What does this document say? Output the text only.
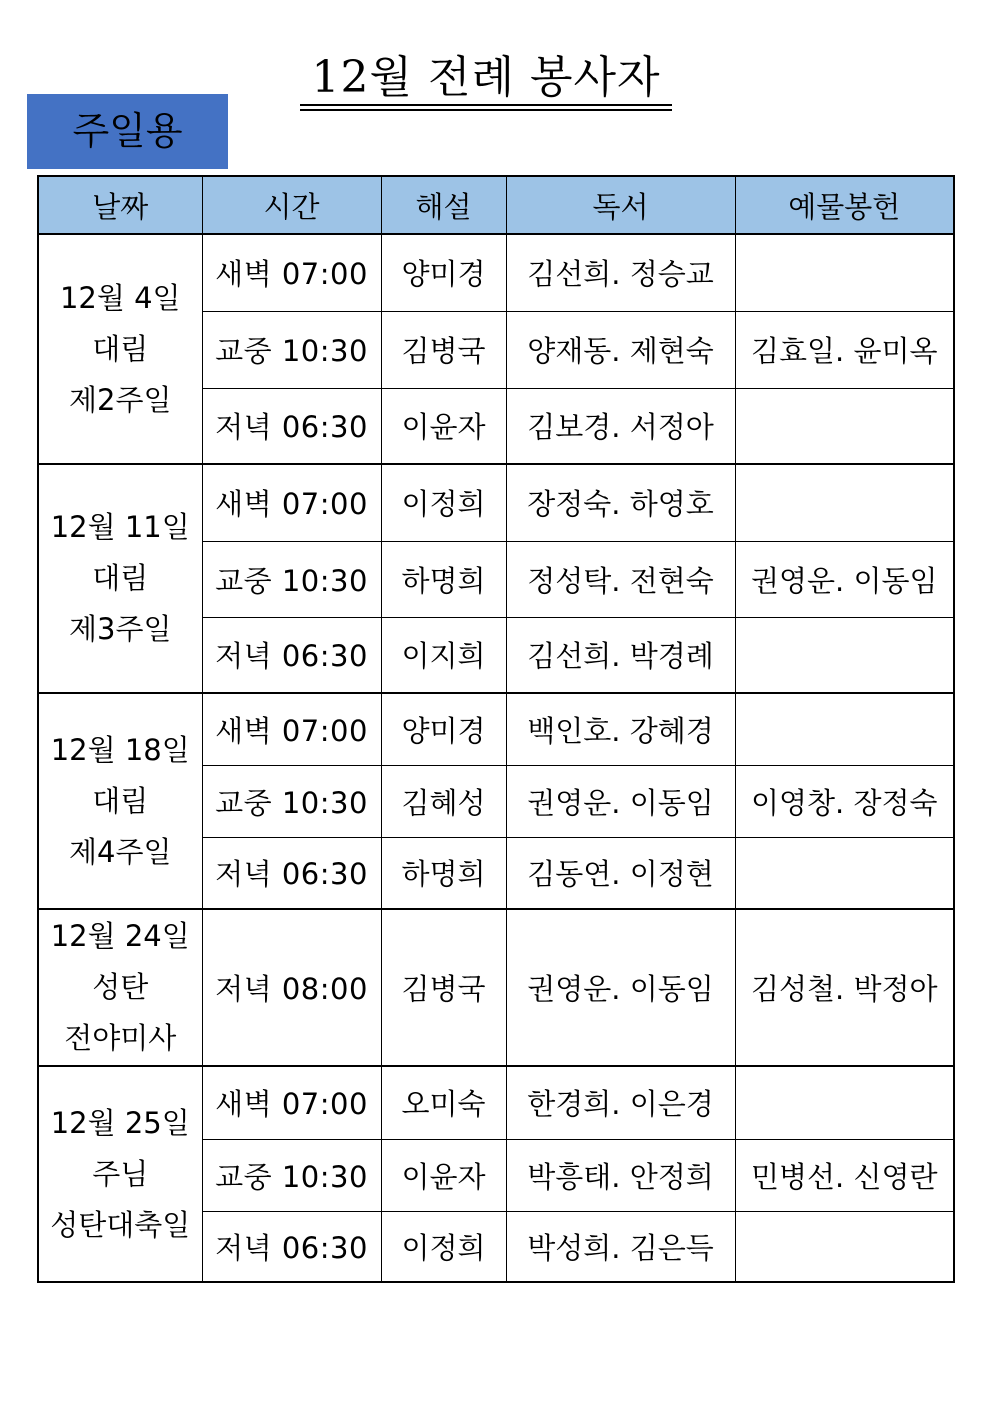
12월 전례 봉사자
주일용
날짜	시간	해설	독서	예물봉헌

12월 4일
대림
제2주일	새벽 07:00	양미경	김선희. 정승교	
	교중 10:30	김병국	양재동. 제현숙	김효일. 윤미옥
	저녁 06:30	이윤자	김보경. 서정아	

12월 11일
대림
제3주일	새벽 07:00	이정희	장정숙. 하영호	
	교중 10:30	하명희	정성탁. 전현숙	권영운. 이동임
	저녁 06:30	이지희	김선희. 박경례	

12월 18일
대림
제4주일	새벽 07:00	양미경	백인호. 강혜경	
	교중 10:30	김혜성	권영운. 이동임	이영창. 장정숙
	저녁 06:30	하명희	김동연. 이정현	

12월 24일
성탄
전야미사	저녁 08:00	김병국	권영운. 이동임	김성철. 박정아

12월 25일
주님
성탄대축일	새벽 07:00	오미숙	한경희. 이은경	
	교중 10:30	이윤자	박흥태. 안정희	민병선. 신영란
	저녁 06:30	이정희	박성희. 김은득	
